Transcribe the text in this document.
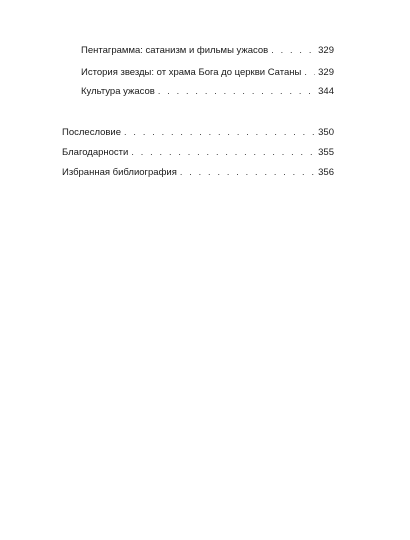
Пентаграмма: сатанизм и фильмы ужасов . . .	329
История звезды: от храма Бога до церкви Сатаны . . . 329
Культура ужасов . . .	344
Послесловие . . .	350
Благодарности . . .	355
Избранная библиография . . .	356
